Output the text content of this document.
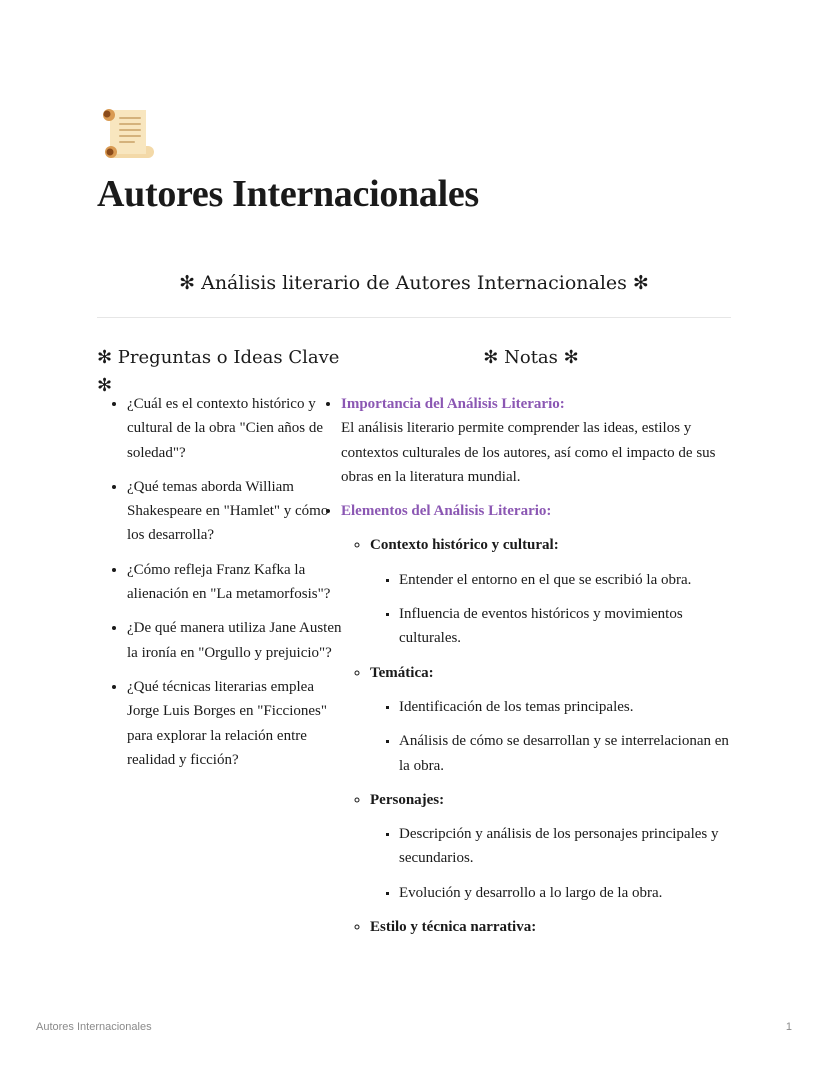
Autores Internacionales
✻ Análisis literario de Autores Internacionales ✻
✻ Preguntas o Ideas Clave ✻
• ¿Cuál es el contexto histórico y cultural de la obra "Cien años de soledad"?
• ¿Qué temas aborda William Shakespeare en "Hamlet" y cómo los desarrolla?
• ¿Cómo refleja Franz Kafka la alienación en "La metamorfosis"?
• ¿De qué manera utiliza Jane Austen la ironía en "Orgullo y prejuicio"?
• ¿Qué técnicas literarias emplea Jorge Luis Borges en "Ficciones" para explorar la relación entre realidad y ficción?
✻ Notas ✻
• Importancia del Análisis Literario:
El análisis literario permite comprender las ideas, estilos y contextos culturales de los autores, así como el impacto de sus obras en la literatura mundial.
• Elementos del Análisis Literario:
◦ Contexto histórico y cultural:
▪ Entender el entorno en el que se escribió la obra.
▪ Influencia de eventos históricos y movimientos culturales.
◦ Temática:
▪ Identificación de los temas principales.
▪ Análisis de cómo se desarrollan y se interrelacionan en la obra.
◦ Personajes:
▪ Descripción y análisis de los personajes principales y secundarios.
▪ Evolución y desarrollo a lo largo de la obra.
◦ Estilo y técnica narrativa:
Autores Internacionales	1
